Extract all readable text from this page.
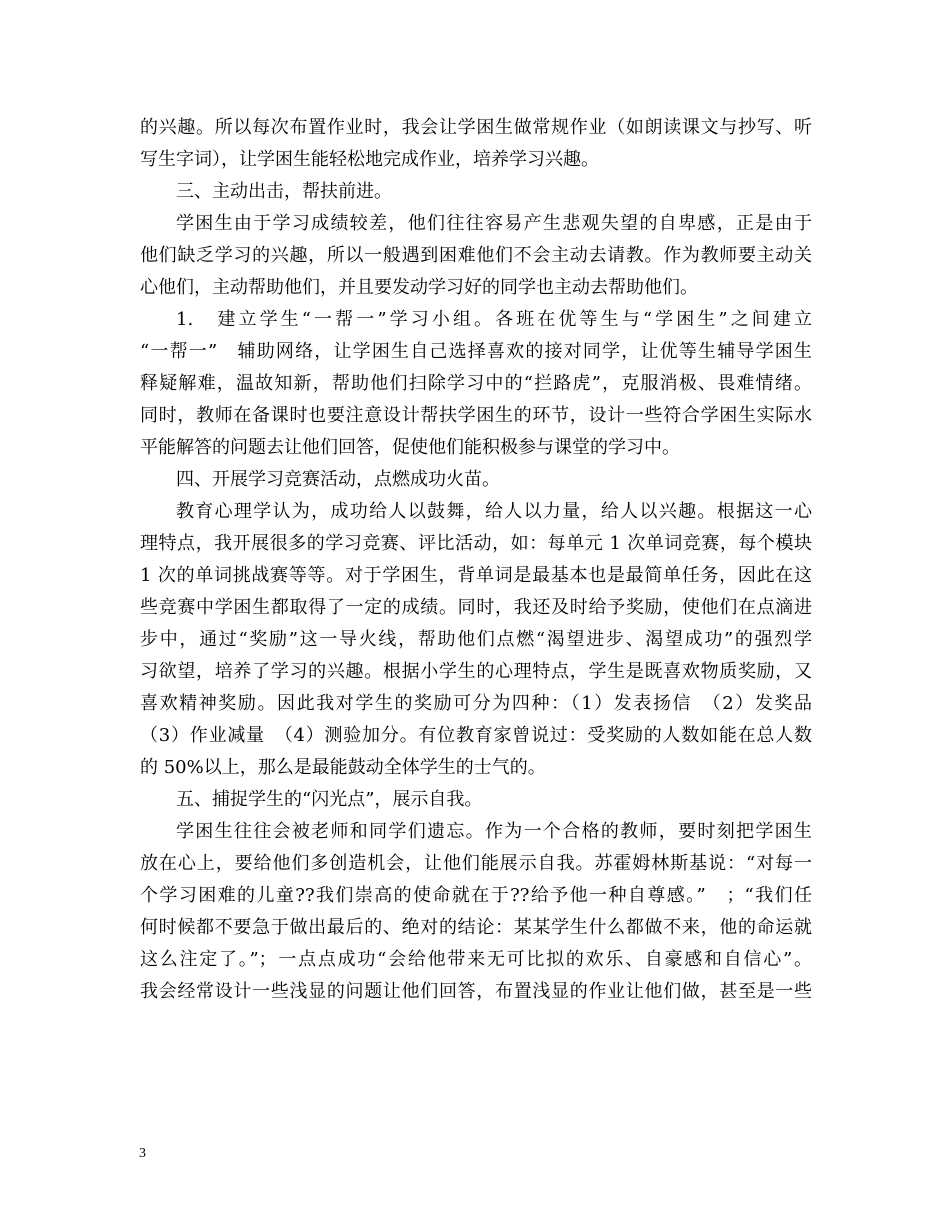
的兴趣。所以每次布置作业时，我会让学困生做常规作业（如朗读课文与抄写、听
写生字词），让学困生能轻松地完成作业，培养学习兴趣。
三、主动出击，帮扶前进。
学困生由于学习成绩较差，他们往往容易产生悲观失望的自卑感，正是由于
他们缺乏学习的兴趣，所以一般遇到困难他们不会主动去请教。作为教师要主动关
心他们，主动帮助他们，并且要发动学习好的同学也主动去帮助他们。
1.　建立学生“一帮一”学习小组。各班在优等生与“学困生”之间建立
“一帮一”　辅助网络，让学困生自己选择喜欢的接对同学，让优等生辅导学困生
释疑解难，温故知新，帮助他们扫除学习中的“拦路虎”，克服消极、畏难情绪。
同时，教师在备课时也要注意设计帮扶学困生的环节，设计一些符合学困生实际水
平能解答的问题去让他们回答，促使他们能积极参与课堂的学习中。
四、开展学习竞赛活动，点燃成功火苗。
教育心理学认为，成功给人以鼓舞，给人以力量，给人以兴趣。根据这一心
理特点，我开展很多的学习竞赛、评比活动，如：每单元 1 次单词竞赛，每个模块
1 次的单词挑战赛等等。对于学困生，背单词是最基本也是最简单任务，因此在这
些竞赛中学困生都取得了一定的成绩。同时，我还及时给予奖励，使他们在点滴进
步中，通过“奖励”这一导火线，帮助他们点燃“渴望进步、渴望成功”的强烈学
习欲望，培养了学习的兴趣。根据小学生的心理特点，学生是既喜欢物质奖励，又
喜欢精神奖励。因此我对学生的奖励可分为四种：（1）发表扬信　（2）发奖品
（3）作业减量　（4）测验加分。有位教育家曾说过：受奖励的人数如能在总人数
的 50%以上，那么是最能鼓动全体学生的士气的。
五、捕捉学生的“闪光点”，展示自我。
学困生往往会被老师和同学们遗忘。作为一个合格的教师，要时刻把学困生
放在心上，要给他们多创造机会，让他们能展示自我。苏霍姆林斯基说：“对每一
个学习困难的儿童??我们崇高的使命就在于??给予他一种自尊感。”　；“我们任
何时候都不要急于做出最后的、绝对的结论：某某学生什么都做不来，他的命运就
这么注定了。”；一点点成功“会给他带来无可比拟的欢乐、自豪感和自信心”。
我会经常设计一些浅显的问题让他们回答，布置浅显的作业让他们做，甚至是一些
3
